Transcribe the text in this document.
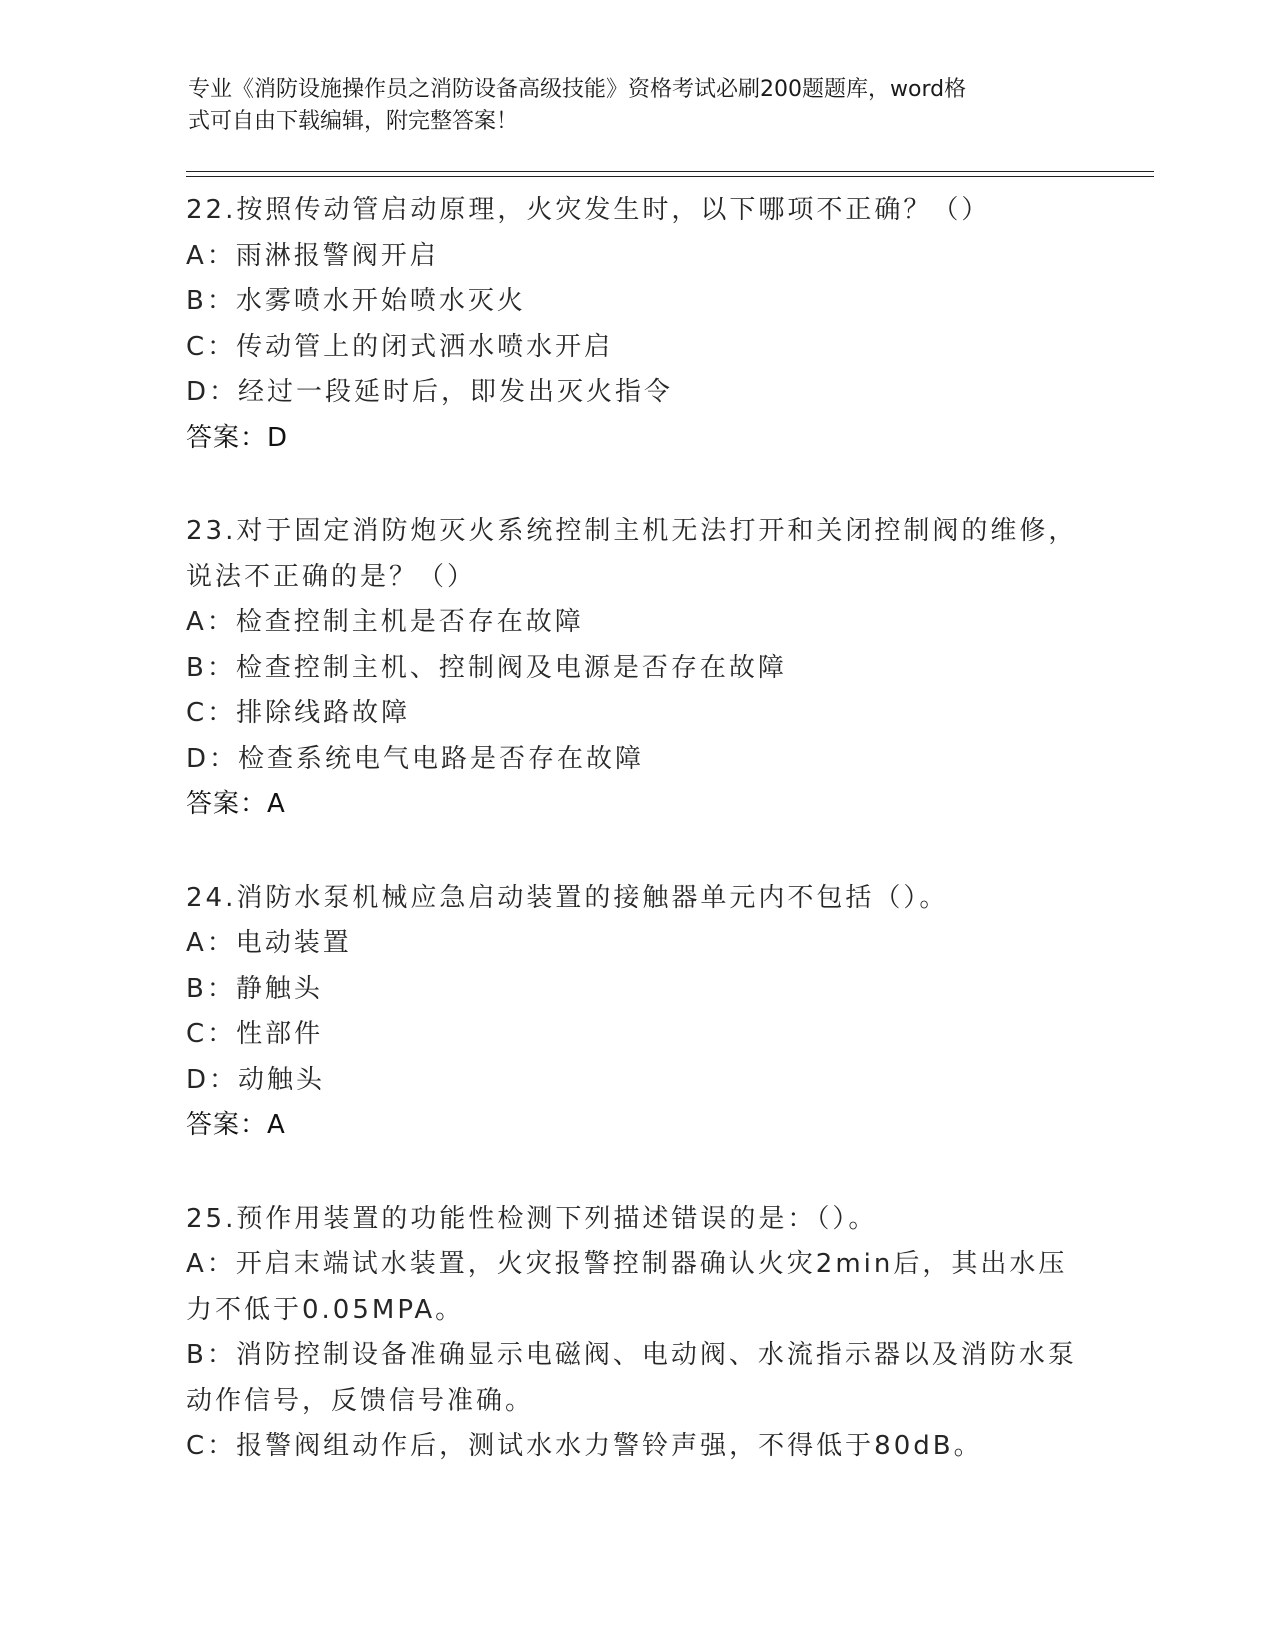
专业《消防设施操作员之消防设备高级技能》资格考试必刷200题题库，word格
式可自由下载编辑，附完整答案！
22.按照传动管启动原理，火灾发生时，以下哪项不正确？（）
A：雨淋报警阀开启
B：水雾喷水开始喷水灭火
C：传动管上的闭式洒水喷水开启
D：经过一段延时后，即发出灭火指令
答案：D
23.对于固定消防炮灭火系统控制主机无法打开和关闭控制阀的维修，
说法不正确的是？（）
A：检查控制主机是否存在故障
B：检查控制主机、控制阀及电源是否存在故障
C：排除线路故障
D：检查系统电气电路是否存在故障
答案：A
24.消防水泵机械应急启动装置的接触器单元内不包括（）。
A：电动装置
B：静触头
C：性部件
D：动触头
答案：A
25.预作用装置的功能性检测下列描述错误的是：（）。
A：开启末端试水装置，火灾报警控制器确认火灾2min后，其出水压
力不低于0.05MPA。
B：消防控制设备准确显示电磁阀、电动阀、水流指示器以及消防水泵
动作信号，反馈信号准确。
C：报警阀组动作后，测试水水力警铃声强，不得低于80dB。
